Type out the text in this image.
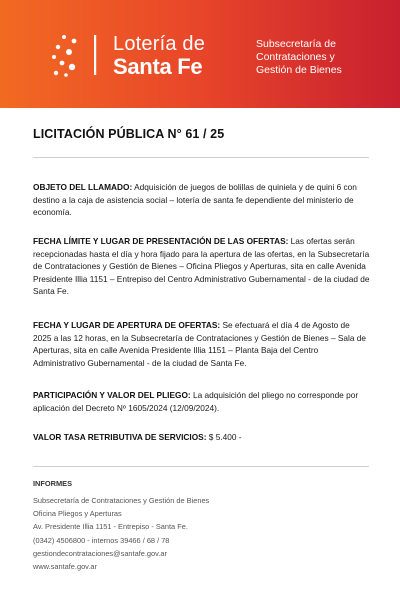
Lotería de
Santa Fe
Subsecretaría de
Contrataciones y
Gestión de Bienes
LICITACIÓN PÚBLICA N° 61 / 25

OBJETO DEL LLAMADO: Adquisición de juegos de bolillas de quiniela y de quini 6 con destino a la caja de asistencia social – lotería de santa fe dependiente del ministerio de economía.

FECHA LÍMITE Y LUGAR DE PRESENTACIÓN DE LAS OFERTAS: Las ofertas serán recepcionadas hasta el día y hora fijado para la apertura de las ofertas, en la Subsecretaría de Contrataciones y Gestión de Bienes – Oficina Pliegos y Aperturas, sita en calle Avenida Presidente Illia 1151 – Entrepiso del Centro Administrativo Gubernamental - de la ciudad de Santa Fe.

FECHA Y LUGAR DE APERTURA DE OFERTAS: Se efectuará el día 4 de Agosto de 2025 a las 12 horas, en la Subsecretaría de Contrataciones y Gestión de Bienes – Sala de Aperturas, sita en calle Avenida Presidente Illia 1151 – Planta Baja del Centro Administrativo Gubernamental - de la ciudad de Santa Fe.

PARTICIPACIÓN Y VALOR DEL PLIEGO: La adquisición del pliego no corresponde por aplicación del Decreto Nº 1605/2024 (12/09/2024).

VALOR TASA RETRIBUTIVA DE SERVICIOS: $ 5.400 -

INFORMES
Subsecretaría de Contrataciones y Gestión de Bienes
Oficina Pliegos y Aperturas
Av. Presidente Illia 1151 - Entrepiso - Santa Fe.
(0342) 4506800 - internos 39466 / 68 / 78
gestiondecontrataciones@santafe.gov.ar
www.santafe.gov.ar
